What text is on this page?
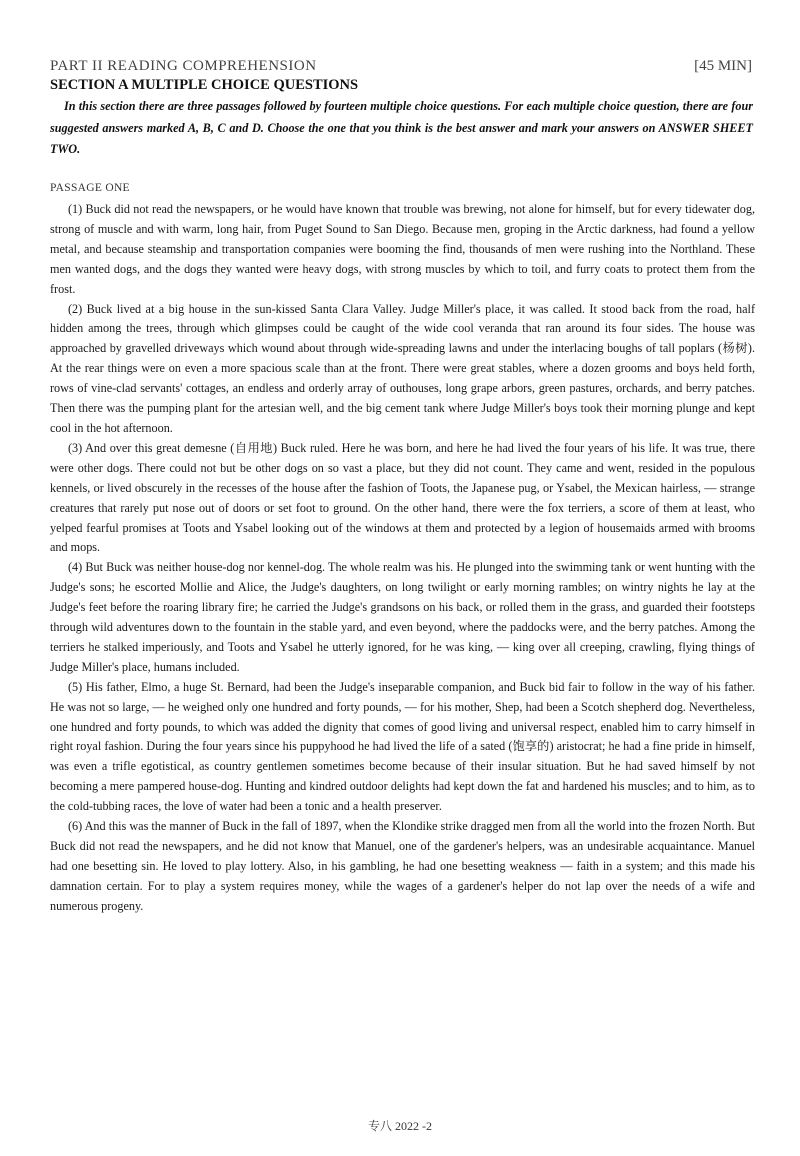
PART II READING COMPREHENSION	[45 MIN]
SECTION A MULTIPLE CHOICE QUESTIONS
In this section there are three passages followed by fourteen multiple choice questions. For each multiple choice question, there are four suggested answers marked A, B, C and D. Choose the one that you think is the best answer and mark your answers on ANSWER SHEET TWO.
PASSAGE ONE

(1) Buck did not read the newspapers, or he would have known that trouble was brewing, not alone for himself, but for every tidewater dog, strong of muscle and with warm, long hair, from Puget Sound to San Diego. Because men, groping in the Arctic darkness, had found a yellow metal, and because steamship and transportation companies were booming the find, thousands of men were rushing into the Northland. These men wanted dogs, and the dogs they wanted were heavy dogs, with strong muscles by which to toil, and furry coats to protect them from the frost.

(2) Buck lived at a big house in the sun-kissed Santa Clara Valley. Judge Miller's place, it was called. It stood back from the road, half hidden among the trees, through which glimpses could be caught of the wide cool veranda that ran around its four sides. The house was approached by gravelled driveways which wound about through wide-spreading lawns and under the interlacing boughs of tall poplars (杨树). At the rear things were on even a more spacious scale than at the front. There were great stables, where a dozen grooms and boys held forth, rows of vine-clad servants' cottages, an endless and orderly array of outhouses, long grape arbors, green pastures, orchards, and berry patches. Then there was the pumping plant for the artesian well, and the big cement tank where Judge Miller's boys took their morning plunge and kept cool in the hot afternoon.

(3) And over this great demesne (自用地) Buck ruled. Here he was born, and here he had lived the four years of his life. It was true, there were other dogs. There could not but be other dogs on so vast a place, but they did not count. They came and went, resided in the populous kennels, or lived obscurely in the recesses of the house after the fashion of Toots, the Japanese pug, or Ysabel, the Mexican hairless, — strange creatures that rarely put nose out of doors or set foot to ground. On the other hand, there were the fox terriers, a score of them at least, who yelped fearful promises at Toots and Ysabel looking out of the windows at them and protected by a legion of housemaids armed with brooms and mops.

(4) But Buck was neither house-dog nor kennel-dog. The whole realm was his. He plunged into the swimming tank or went hunting with the Judge's sons; he escorted Mollie and Alice, the Judge's daughters, on long twilight or early morning rambles; on wintry nights he lay at the Judge's feet before the roaring library fire; he carried the Judge's grandsons on his back, or rolled them in the grass, and guarded their footsteps through wild adventures down to the fountain in the stable yard, and even beyond, where the paddocks were, and the berry patches. Among the terriers he stalked imperiously, and Toots and Ysabel he utterly ignored, for he was king, — king over all creeping, crawling, flying things of Judge Miller's place, humans included.

(5) His father, Elmo, a huge St. Bernard, had been the Judge's inseparable companion, and Buck bid fair to follow in the way of his father. He was not so large, — he weighed only one hundred and forty pounds, — for his mother, Shep, had been a Scotch shepherd dog. Nevertheless, one hundred and forty pounds, to which was added the dignity that comes of good living and universal respect, enabled him to carry himself in right royal fashion. During the four years since his puppyhood he had lived the life of a sated (饱享的) aristocrat; he had a fine pride in himself, was even a trifle egotistical, as country gentlemen sometimes become because of their insular situation. But he had saved himself by not becoming a mere pampered house-dog. Hunting and kindred outdoor delights had kept down the fat and hardened his muscles; and to him, as to the cold-tubbing races, the love of water had been a tonic and a health preserver.

(6) And this was the manner of Buck in the fall of 1897, when the Klondike strike dragged men from all the world into the frozen North. But Buck did not read the newspapers, and he did not know that Manuel, one of the gardener's helpers, was an undesirable acquaintance. Manuel had one besetting sin. He loved to play lottery. Also, in his gambling, he had one besetting weakness — faith in a system; and this made his damnation certain. For to play a system requires money, while the wages of a gardener's helper do not lap over the needs of a wife and numerous progeny.

专八 2022 -2
